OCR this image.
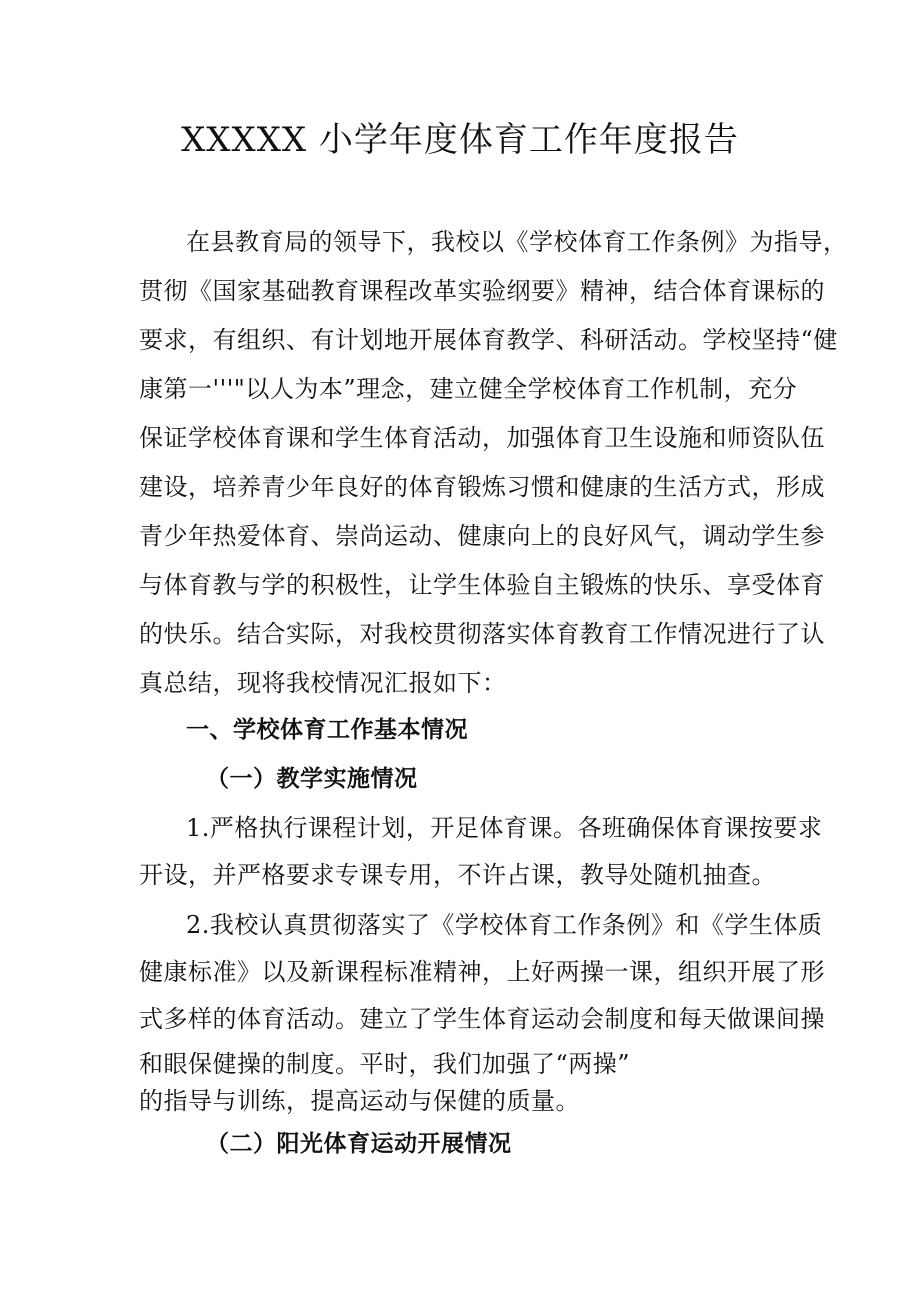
XXXXX 小学年度体育工作年度报告
在县教育局的领导下，我校以《学校体育工作条例》为指导，
贯彻《国家基础教育课程改革实验纲要》精神，结合体育课标的
要求，有组织、有计划地开展体育教学、科研活动。学校坚持“健
康第一'''"以人为本”理念，建立健全学校体育工作机制，充分
保证学校体育课和学生体育活动，加强体育卫生设施和师资队伍
建设，培养青少年良好的体育锻炼习惯和健康的生活方式，形成
青少年热爱体育、崇尚运动、健康向上的良好风气，调动学生参
与体育教与学的积极性，让学生体验自主锻炼的快乐、享受体育
的快乐。结合实际，对我校贯彻落实体育教育工作情况进行了认
真总结，现将我校情况汇报如下：
一、学校体育工作基本情况
（一）教学实施情况
1.严格执行课程计划，开足体育课。各班确保体育课按要求
开设，并严格要求专课专用，不许占课，教导处随机抽查。
2.我校认真贯彻落实了《学校体育工作条例》和《学生体质
健康标准》以及新课程标准精神，上好两操一课，组织开展了形
式多样的体育活动。建立了学生体育运动会制度和每天做课间操
和眼保健操的制度。平时，我们加强了“两操”
的指导与训练，提高运动与保健的质量。
（二）阳光体育运动开展情况
